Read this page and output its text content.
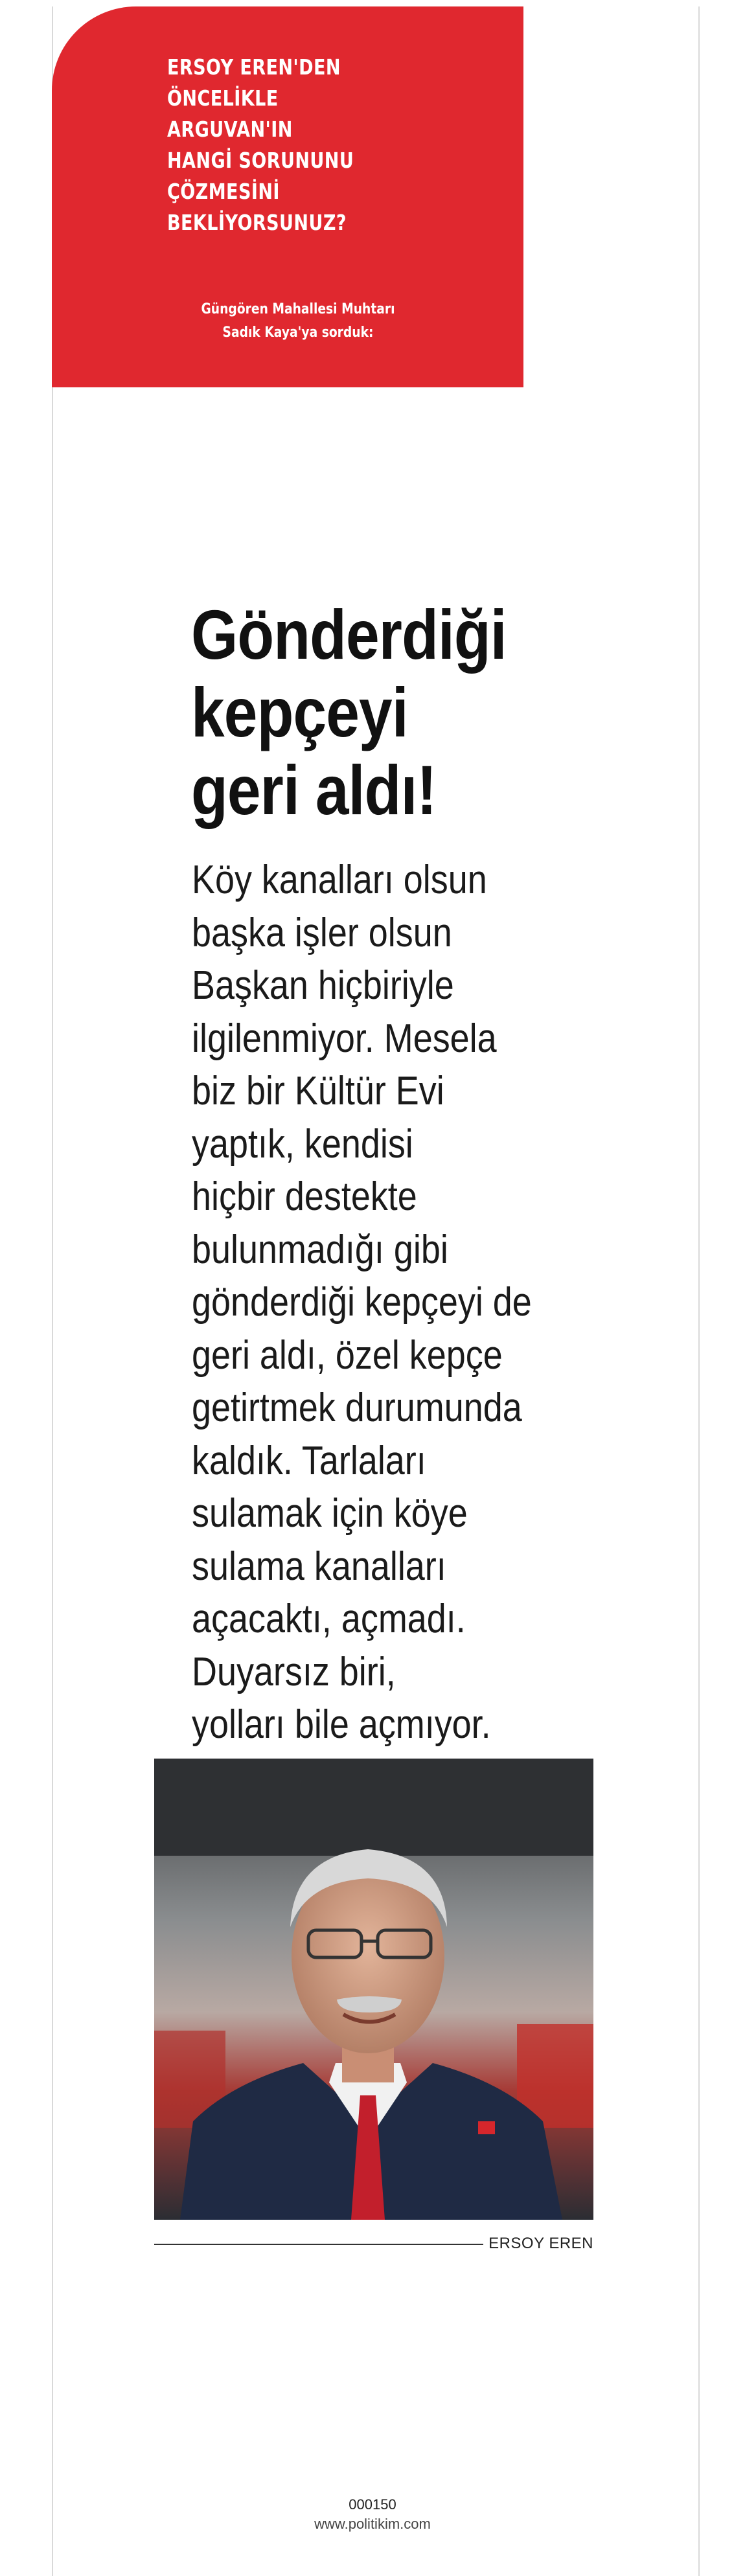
ERSOY EREN'DEN
ÖNCELİKLE ARGUVAN'IN
HANGİ SORUNUNU
ÇÖZMESİNİ
BEKLİYORSUNUZ?
Güngören Mahallesi Muhtarı
Sadık Kaya'ya sorduk:
Gönderdiği
kepçeyi
geri aldı!
Köy kanalları olsun
başka işler olsun
Başkan hiçbiriyle
ilgilenmiyor. Mesela
biz bir Kültür Evi
yaptık, kendisi
hiçbir destekte
bulunmadığı gibi
gönderdiği kepçeyi de
geri aldı, özel kepçe
getirtmek durumunda
kaldık. Tarlaları
sulamak için köye
sulama kanalları
açacaktı, açmadı.
Duyarsız biri,
yolları bile açmıyor.
ERSOY EREN
000150
www.politikim.com
